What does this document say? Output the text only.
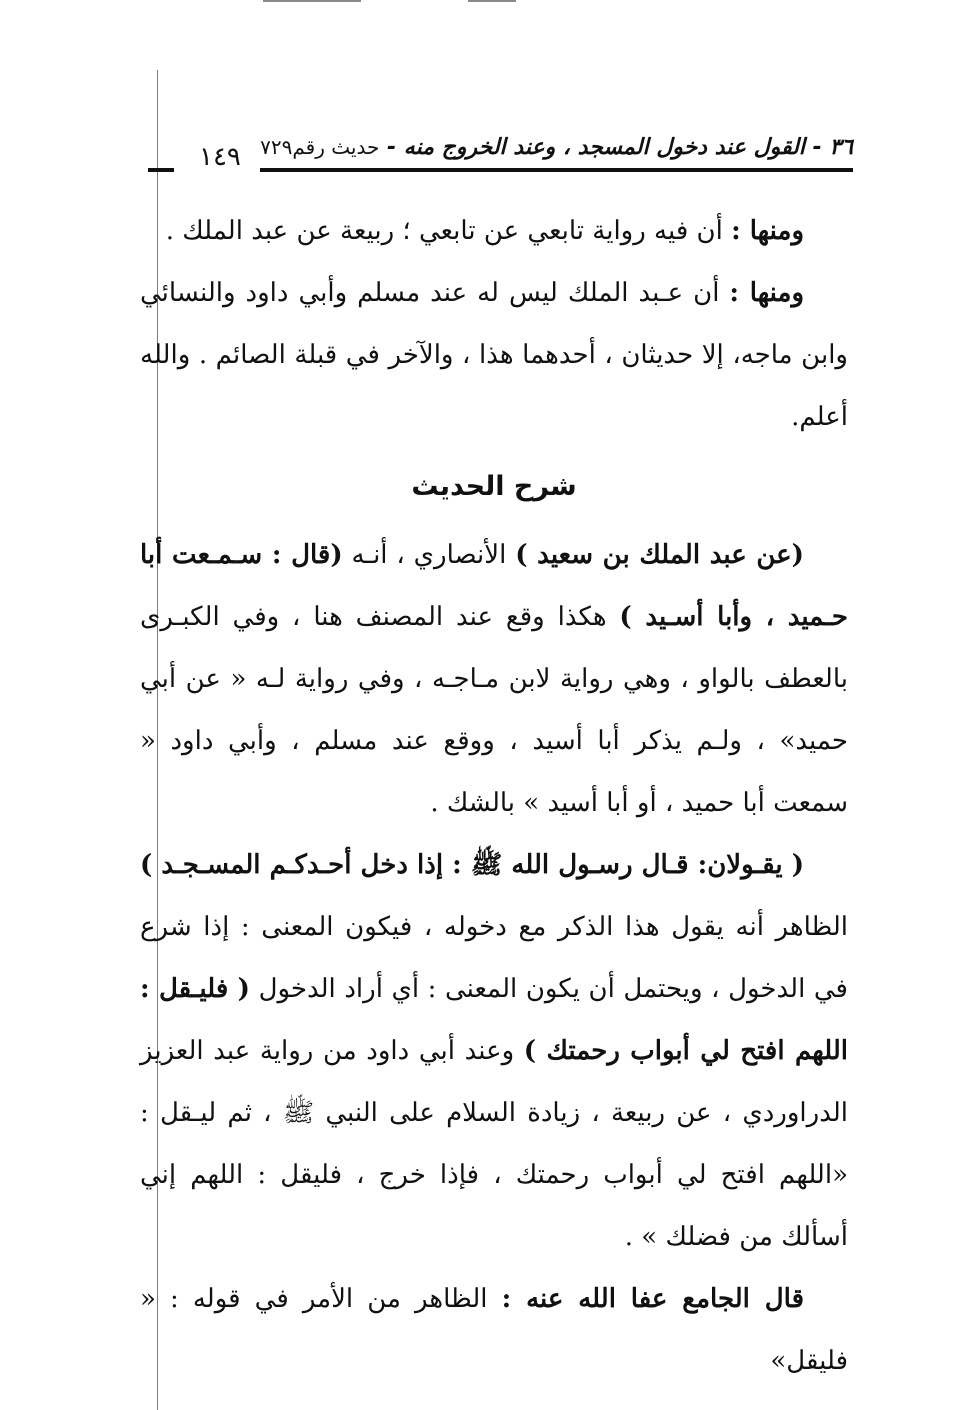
٣٦ - القول عند دخول المسجد ، وعند الخروج منه - حديث رقم٧٢٩
١٤٩

ومنها : أن فيه رواية تابعي عن تابعي ؛ ربيعة عن عبد الملك .

ومنها : أن عـبد الملك ليس له عند مسلم وأبي داود والنسائي وابن ماجه، إلا حديثان ، أحدهما هذا ، والآخر في قبلة الصائم . والله أعلم.

شرح الحديث

(عن عبد الملك بن سعيد ) الأنصاري ، أنـه (قال : سـمـعت أبا حـميد ، وأبا أسـيد ) هكذا وقع عند المصنف هنا ، وفي الكبـرى بالعطف بالواو ، وهي رواية لابن مـاجـه ، وفي رواية لـه « عن أبي حميد» ، ولـم يذكر أبا أسيد ، ووقع عند مسلم ، وأبي داود « سمعت أبا حميد ، أو أبا أسيد » بالشك .

( يقـولان: قـال رسـول الله ﷺ : إذا دخل أحـدكـم المسـجـد ) الظاهر أنه يقول هذا الذكر مع دخوله ، فيكون المعنى : إذا شرع في الدخول ، ويحتمل أن يكون المعنى : أي أراد الدخول ( فليـقل : اللهم افتح لي أبواب رحمتك ) وعند أبي داود من رواية عبد العزيز الدراوردي ، عن ربيعة ، زيادة السلام على النبي ﷺ ، ثم ليـقل : «اللهم افتح لي أبواب رحمتك ، فإذا خرج ، فليقل : اللهم إني أسألك من فضلك » .

قال الجامع عفا الله عنه : الظاهر من الأمر في قوله : « فليقل»
